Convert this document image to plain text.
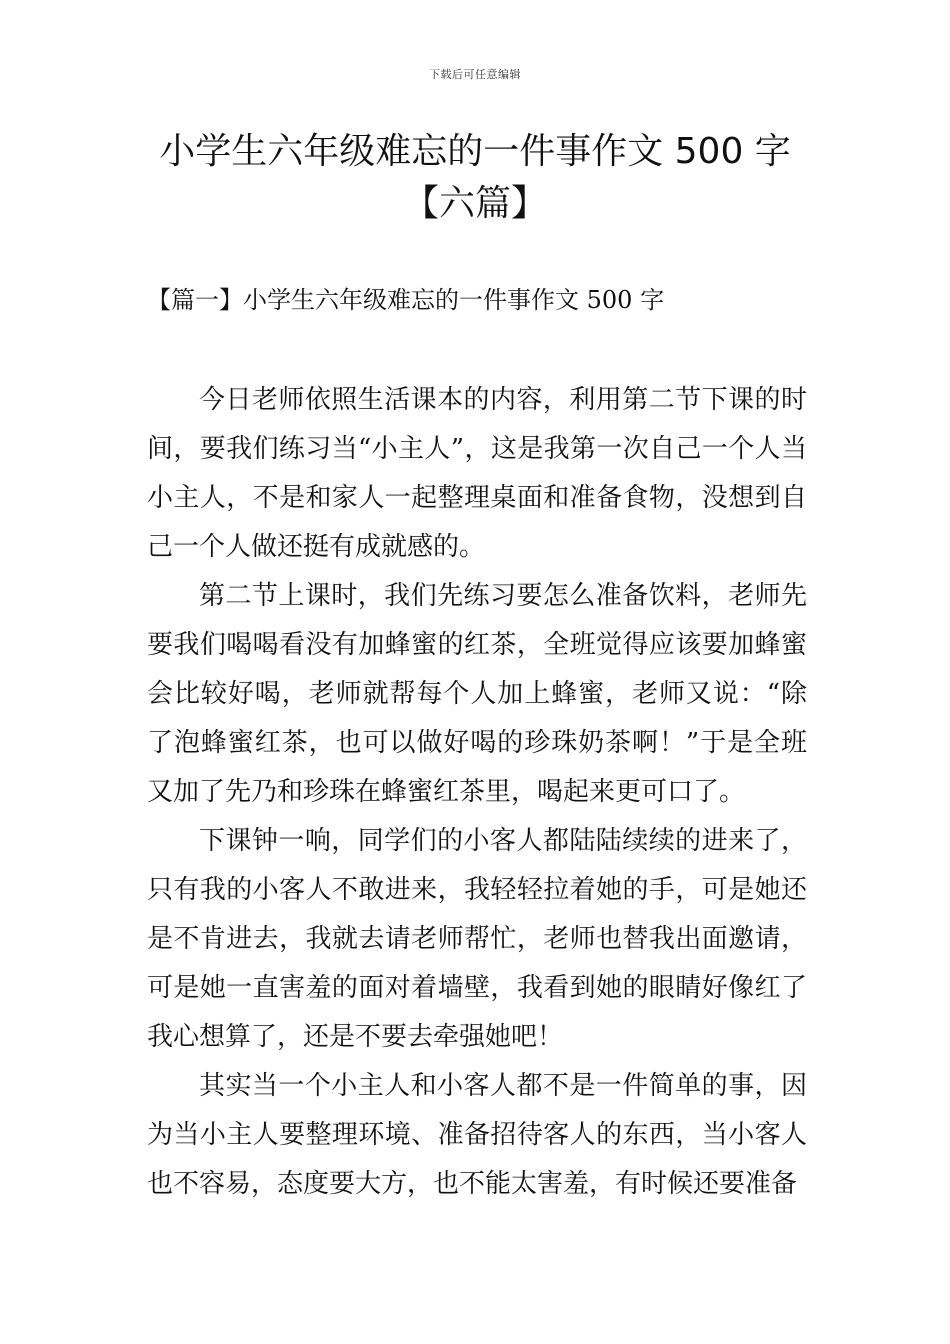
下载后可任意编辑
小学生六年级难忘的一件事作文 500 字
【六篇】
【篇一】小学生六年级难忘的一件事作文 500 字

今日老师依照生活课本的内容，利用第二节下课的时间，要我们练习当“小主人”，这是我第一次自己一个人当小主人，不是和家人一起整理桌面和准备食物，没想到自己一个人做还挺有成就感的。

第二节上课时，我们先练习要怎么准备饮料，老师先要我们喝喝看没有加蜂蜜的红茶，全班觉得应该要加蜂蜜会比较好喝，老师就帮每个人加上蜂蜜，老师又说：“除了泡蜂蜜红茶，也可以做好喝的珍珠奶茶啊！”于是全班又加了先乃和珍珠在蜂蜜红茶里，喝起来更可口了。

下课钟一响，同学们的小客人都陆陆续续的进来了，只有我的小客人不敢进来，我轻轻拉着她的手，可是她还是不肯进去，我就去请老师帮忙，老师也替我出面邀请，可是她一直害羞的面对着墙壁，我看到她的眼睛好像红了我心想算了，还是不要去牵强她吧！

其实当一个小主人和小客人都不是一件简单的事，因为当小主人要整理环境、准备招待客人的东西，当小客人也不容易，态度要大方，也不能太害羞，有时候还要准备
